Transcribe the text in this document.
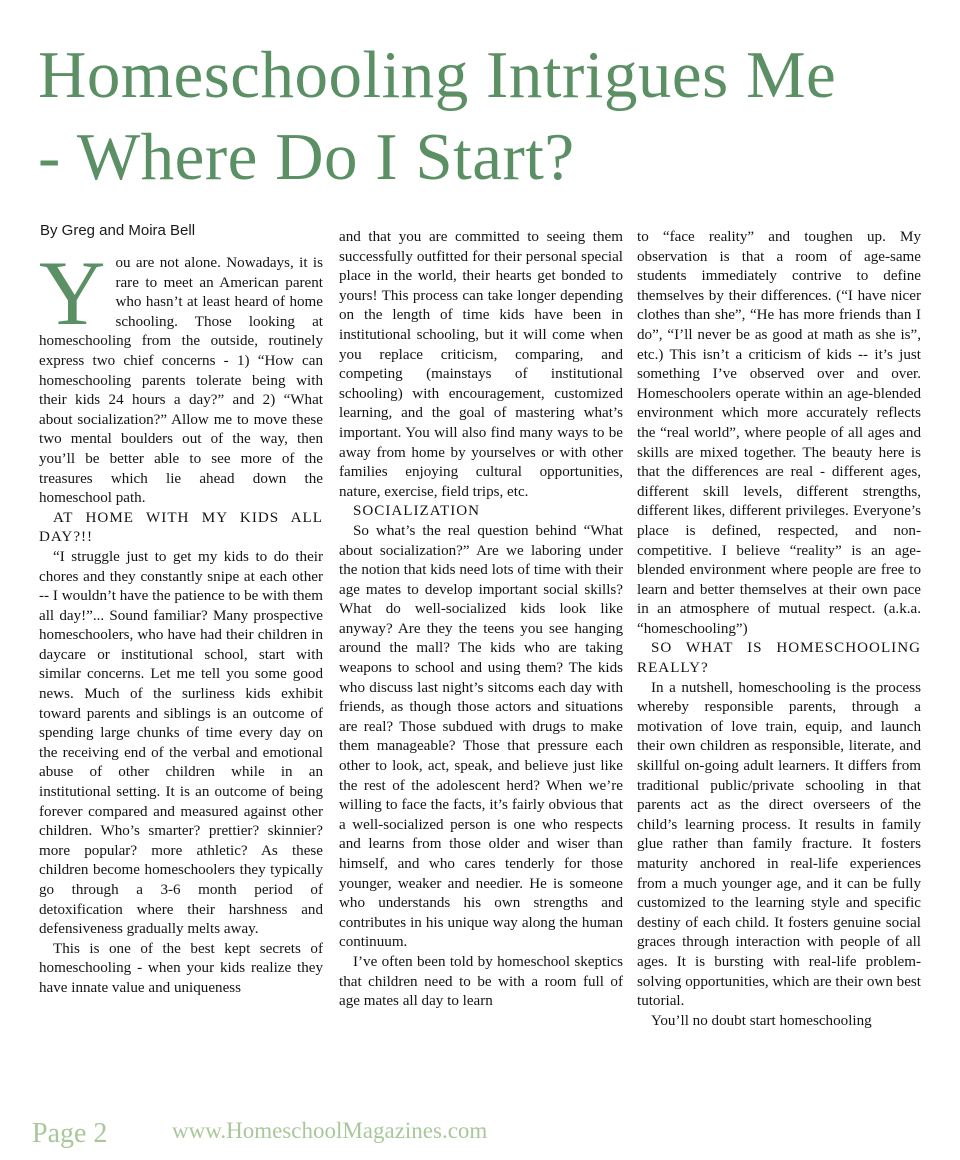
Homeschooling Intrigues Me
- Where Do I Start?
By Greg and Moira Bell

You are not alone. Nowadays, it is rare to meet an American parent who hasn’t at least heard of home schooling. Those looking at homeschooling from the outside, routinely express two chief concerns - 1) “How can homeschooling parents tolerate being with their kids 24 hours a day?” and 2) “What about socialization?” Allow me to move these two mental boulders out of the way, then you’ll be better able to see more of the treasures which lie ahead down the homeschool path.

AT HOME WITH MY KIDS ALL DAY?!!

“I struggle just to get my kids to do their chores and they constantly snipe at each other -- I wouldn’t have the patience to be with them all day!”... Sound familiar? Many prospective homeschoolers, who have had their children in daycare or institutional school, start with similar concerns. Let me tell you some good news. Much of the surliness kids exhibit toward parents and siblings is an outcome of spending large chunks of time every day on the receiving end of the verbal and emotional abuse of other children while in an institutional setting. It is an outcome of being forever compared and measured against other children. Who’s smarter? prettier? skinnier? more popular? more athletic? As these children become homeschoolers they typically go through a 3-6 month period of detoxification where their harshness and defensiveness gradually melts away.

This is one of the best kept secrets of homeschooling - when your kids realize they have innate value and uniqueness

and that you are committed to seeing them successfully outfitted for their personal special place in the world, their hearts get bonded to yours! This process can take longer depending on the length of time kids have been in institutional schooling, but it will come when you replace criticism, comparing, and competing (mainstays of institutional schooling) with encouragement, customized learning, and the goal of mastering what’s important. You will also find many ways to be away from home by yourselves or with other families enjoying cultural opportunities, nature, exercise, field trips, etc.

SOCIALIZATION

So what’s the real question behind “What about socialization?” Are we laboring under the notion that kids need lots of time with their age mates to develop important social skills? What do well-socialized kids look like anyway? Are they the teens you see hanging around the mall? The kids who are taking weapons to school and using them? The kids who discuss last night’s sitcoms each day with friends, as though those actors and situations are real? Those subdued with drugs to make them manageable? Those that pressure each other to look, act, speak, and believe just like the rest of the adolescent herd? When we’re willing to face the facts, it’s fairly obvious that a well-socialized person is one who respects and learns from those older and wiser than himself, and who cares tenderly for those younger, weaker and needier. He is someone who understands his own strengths and contributes in his unique way along the human continuum.

I’ve often been told by homeschool skeptics that children need to be with a room full of age mates all day to learn

to “face reality” and toughen up. My observation is that a room of age-same students immediately contrive to define themselves by their differences. (“I have nicer clothes than she”, “He has more friends than I do”, “I’ll never be as good at math as she is”, etc.) This isn’t a criticism of kids -- it’s just something I’ve observed over and over. Homeschoolers operate within an age-blended environment which more accurately reflects the “real world”, where people of all ages and skills are mixed together. The beauty here is that the differences are real - different ages, different skill levels, different strengths, different likes, different privileges. Everyone’s place is defined, respected, and non-competitive. I believe “reality” is an age-blended environment where people are free to learn and better themselves at their own pace in an atmosphere of mutual respect. (a.k.a. “homeschooling”)

SO WHAT IS HOMESCHOOLING REALLY?

In a nutshell, homeschooling is the process whereby responsible parents, through a motivation of love train, equip, and launch their own children as responsible, literate, and skillful on-going adult learners. It differs from traditional public/private schooling in that parents act as the direct overseers of the child’s learning process. It results in family glue rather than family fracture. It fosters maturity anchored in real-life experiences from a much younger age, and it can be fully customized to the learning style and specific destiny of each child. It fosters genuine social graces through interaction with people of all ages. It is bursting with real-life problem-solving opportunities, which are their own best tutorial.

You’ll no doubt start homeschooling

Page 2	www.HomeschoolMagazines.com
